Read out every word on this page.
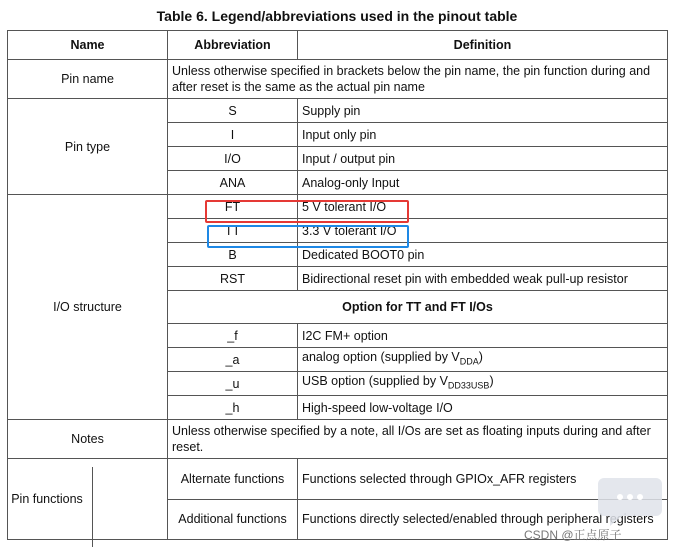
Table 6. Legend/abbreviations used in the pinout table
Name	Abbreviation	Definition
Pin name	Unless otherwise specified in brackets below the pin name, the pin function during and after reset is the same as the actual pin name	
Pin type	S	Supply pin
	I	Input only pin
	I/O	Input / output pin
	ANA	Analog-only Input
I/O structure	FT	5 V tolerant I/O
	TT	3.3 V tolerant I/O
	B	Dedicated BOOT0 pin
	RST	Bidirectional reset pin with embedded weak pull-up resistor
	Option for TT and FT I/Os	
	_f	I2C FM+ option
	_a	analog option (supplied by $V_{DDA}$)
	_u	USB option (supplied by $V_{DD33USB}$)
	_h	High-speed low-voltage I/O
Notes	Unless otherwise specified by a note, all I/Os are set as floating inputs during and after reset.	

Pin functions	Alternate functions	Functions selected through GPIOx_AFR registers
	Additional functions	Functions directly selected/enabled through peripheral registers
CSDN @正点原子
